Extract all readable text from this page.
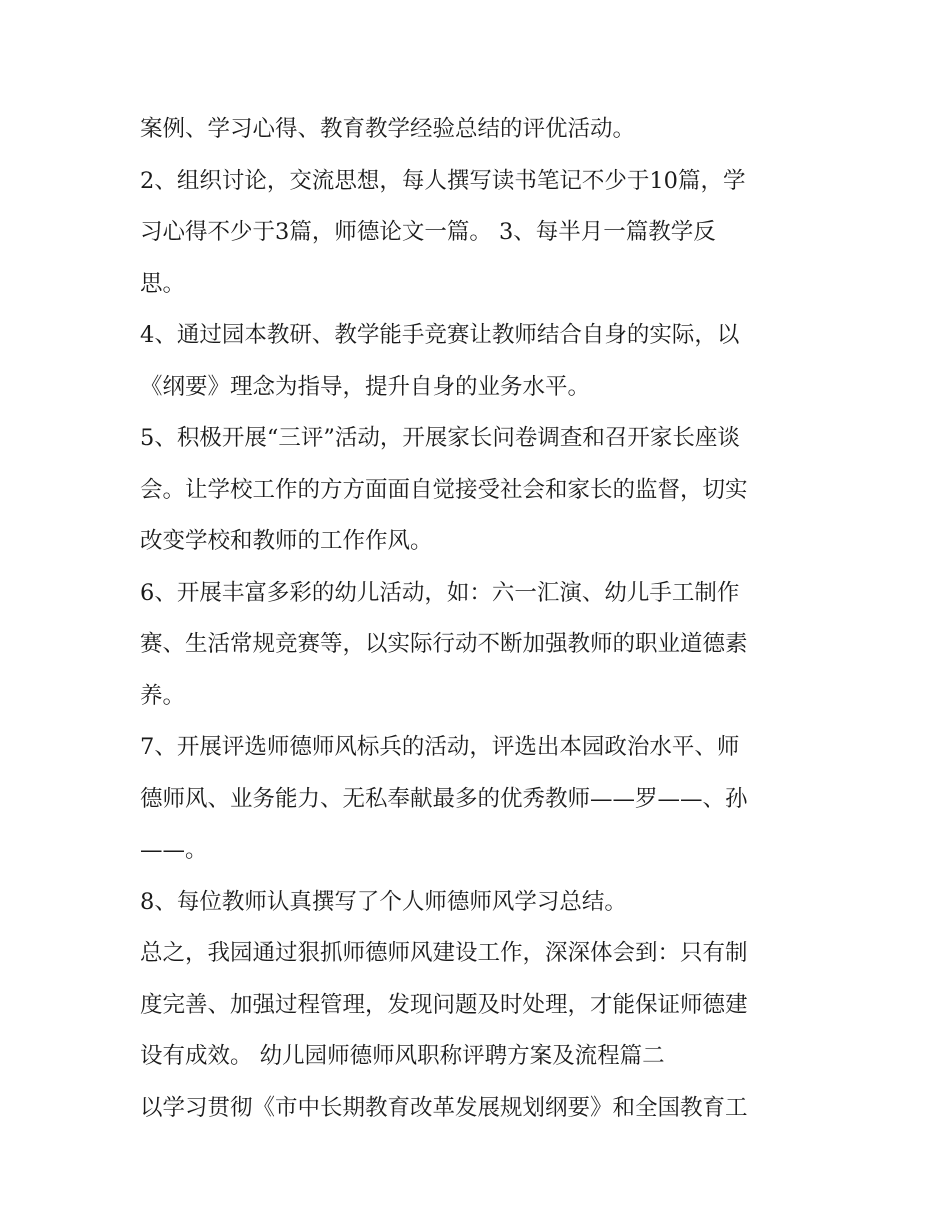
案例、学习心得、教育教学经验总结的评优活动。
2、组织讨论，交流思想，每人撰写读书笔记不少于10篇，学
习心得不少于3篇，师德论文一篇。 3、每半月一篇教学反
思。
4、通过园本教研、教学能手竞赛让教师结合自身的实际，以
《纲要》理念为指导，提升自身的业务水平。
5、积极开展“三评”活动，开展家长问卷调查和召开家长座谈
会。让学校工作的方方面面自觉接受社会和家长的监督，切实
改变学校和教师的工作作风。
6、开展丰富多彩的幼儿活动，如：六一汇演、幼儿手工制作
赛、生活常规竞赛等，以实际行动不断加强教师的职业道德素
养。
7、开展评选师德师风标兵的活动，评选出本园政治水平、师
德师风、业务能力、无私奉献最多的优秀教师——罗——、孙
——。
8、每位教师认真撰写了个人师德师风学习总结。
总之，我园通过狠抓师德师风建设工作，深深体会到：只有制
度完善、加强过程管理，发现问题及时处理，才能保证师德建
设有成效。 幼儿园师德师风职称评聘方案及流程篇二
以学习贯彻《市中长期教育改革发展规划纲要》和全国教育工
